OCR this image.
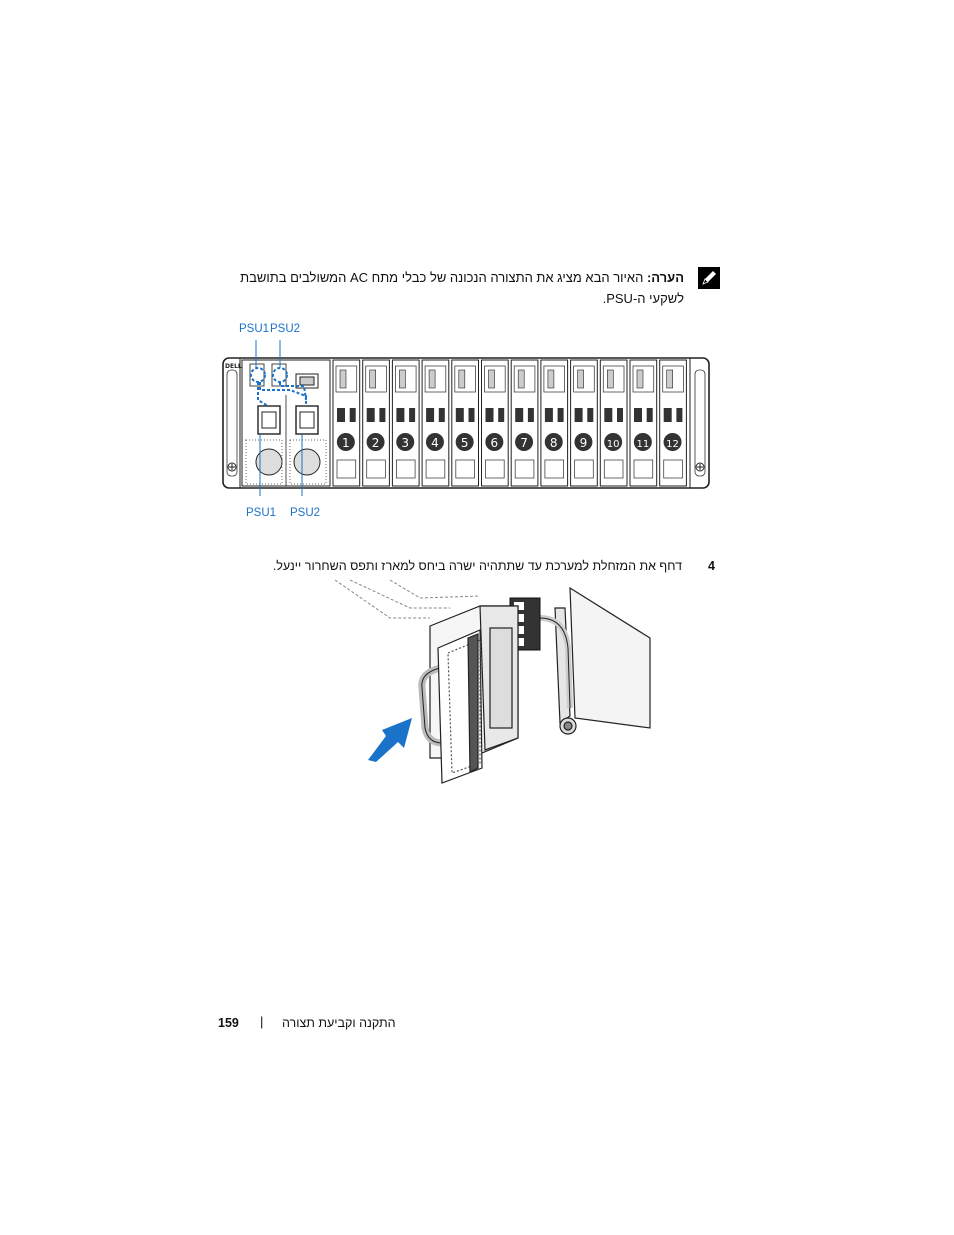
הערה: האיור הבא מציג את התצורה הנכונה של כבלי מתח AC המשולבים בתושבת
לשקעי ה-PSU.
PSU1 PSU2
PSU1 PSU2
DELL
1 2 3 4 5 6 7 8 9 10 11 12
4
דחף את המזחלת למערכת עד שתתהיה ישרה ביחס למארז ותפס השחרור יינעל.
159 | התקנה וקביעת תצורה
